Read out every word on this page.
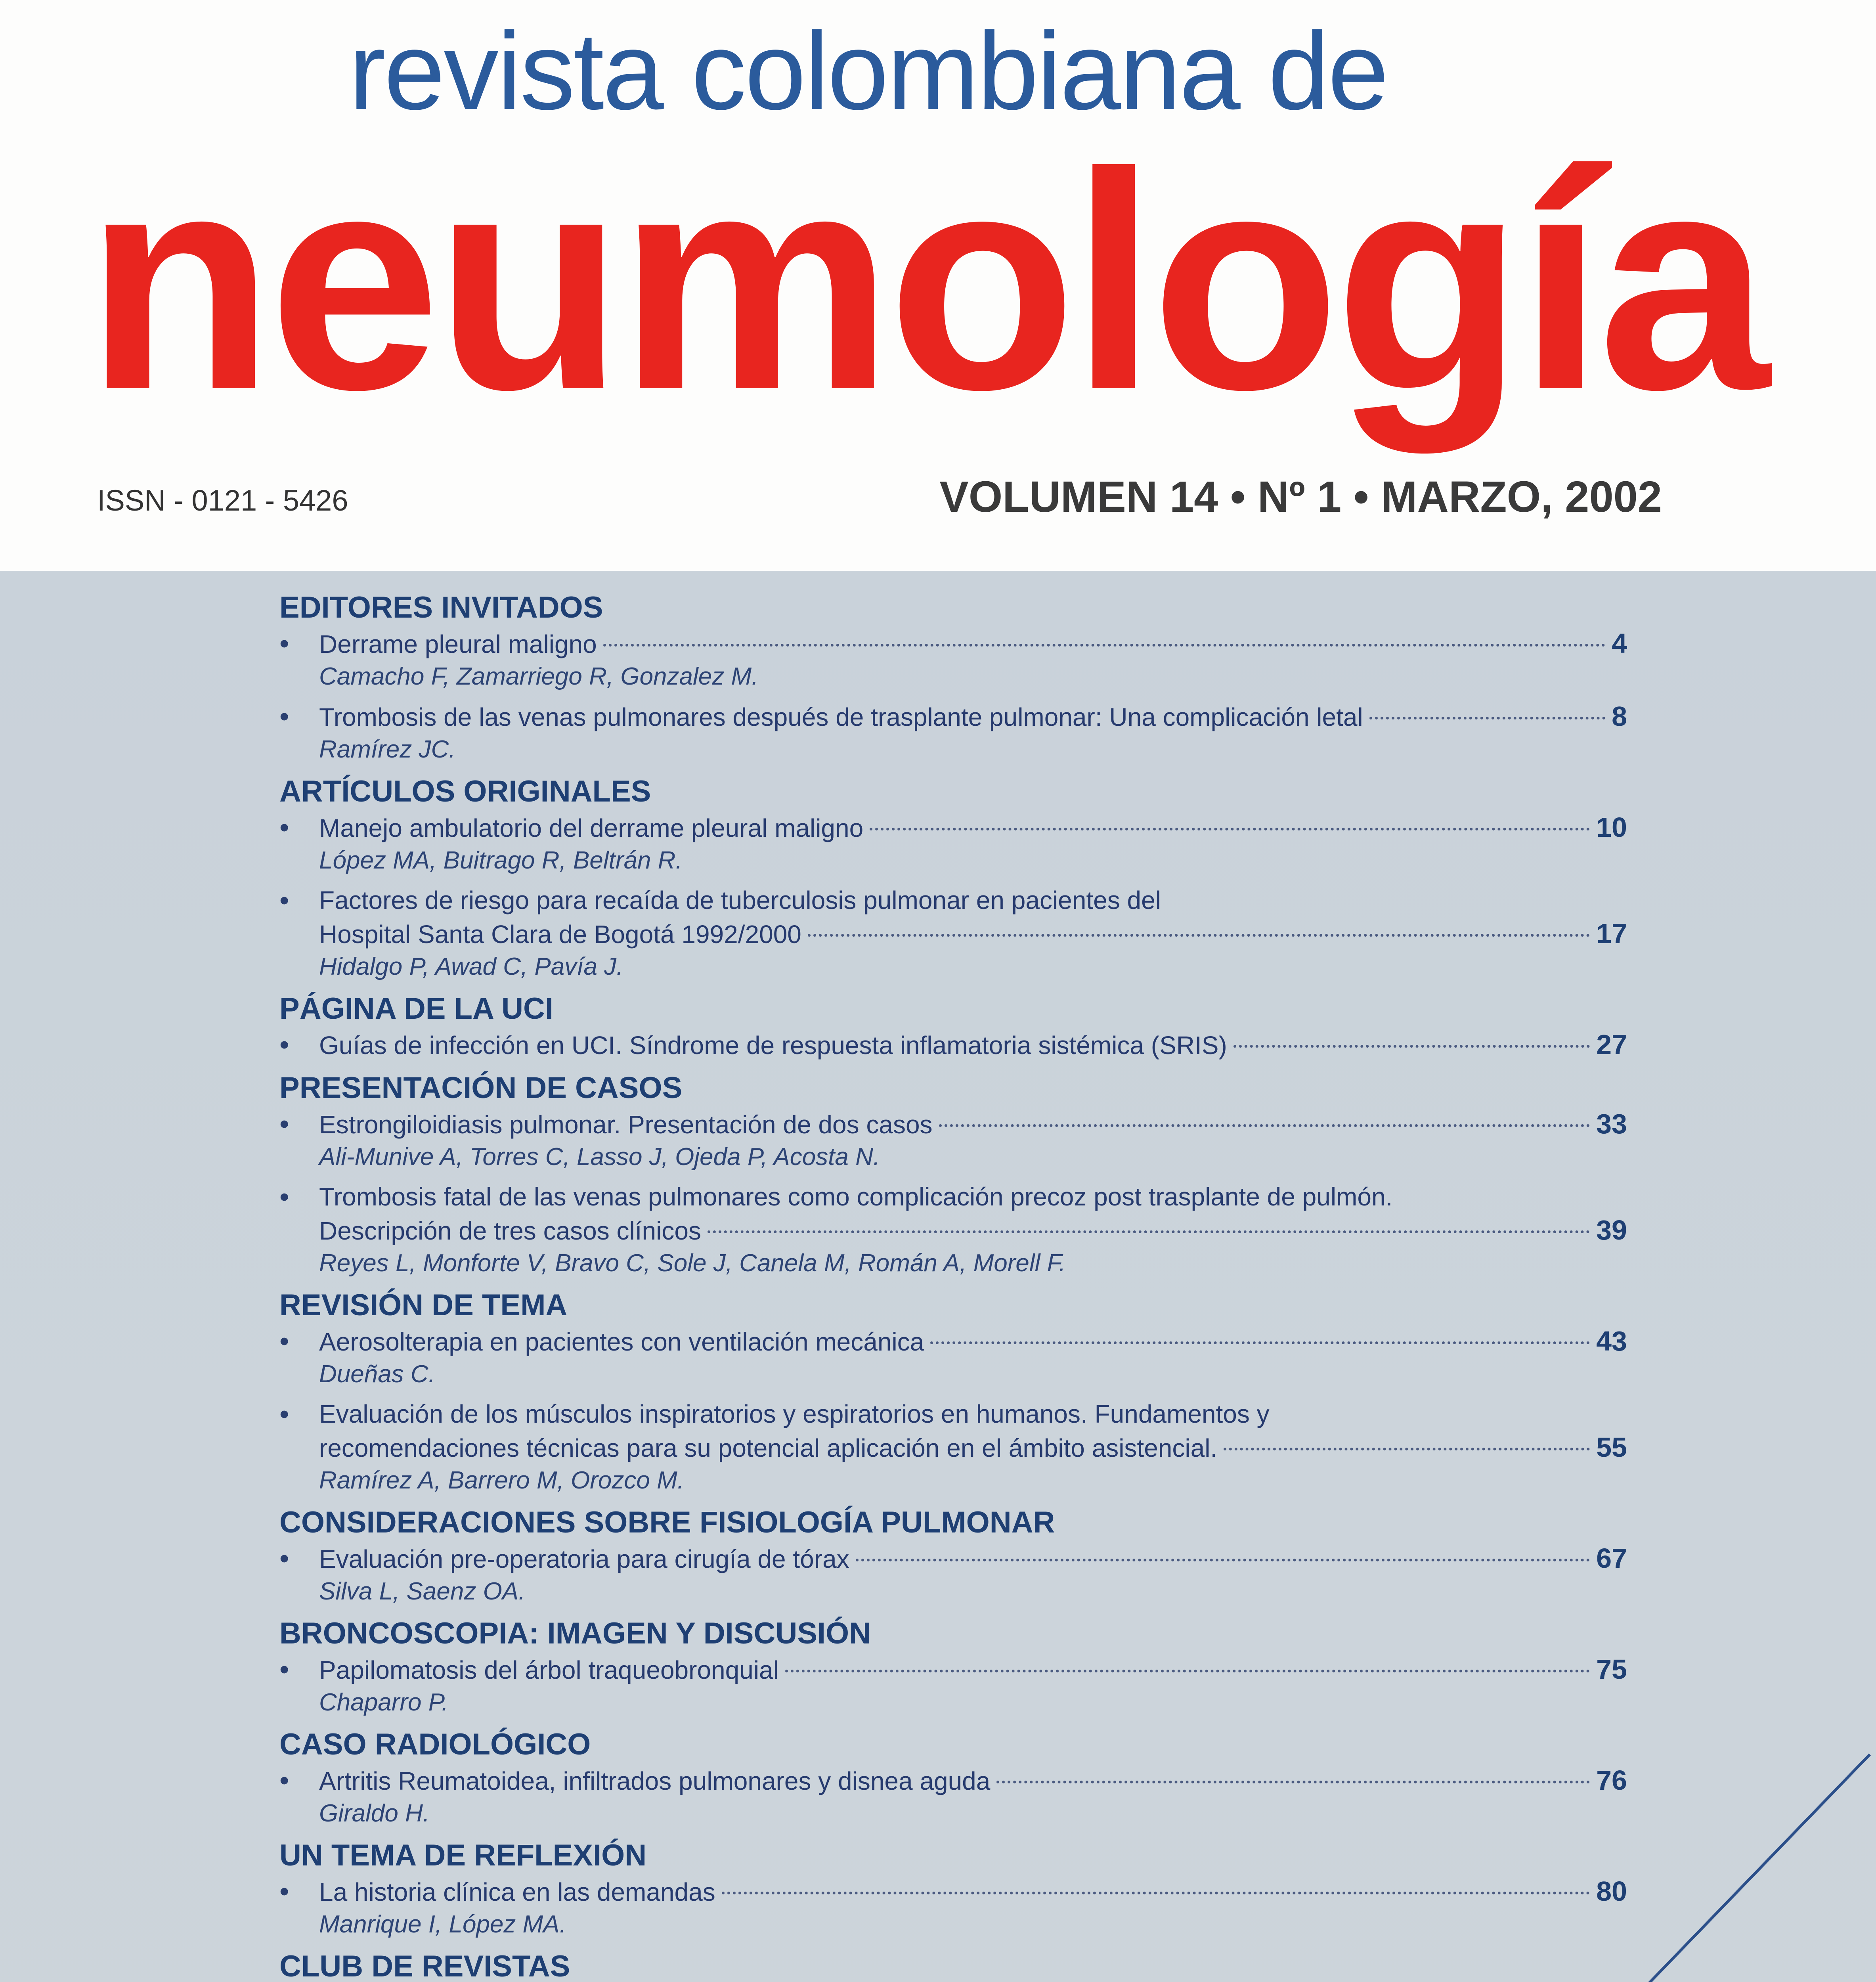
revista colombiana de
neumología
ISSN - 0121 - 5426	VOLUMEN 14 • Nº 1 • MARZO, 2002
EDITORES INVITADOS
• Derrame pleural maligno	4
Camacho F, Zamarriego R, Gonzalez M.
• Trombosis de las venas pulmonares después de trasplante pulmonar: Una complicación letal	8
Ramírez JC.
ARTÍCULOS ORIGINALES
• Manejo ambulatorio del derrame pleural maligno	10
López MA, Buitrago R, Beltrán R.
• Factores de riesgo para recaída de tuberculosis pulmonar en pacientes del
Hospital Santa Clara de Bogotá 1992/2000	17
Hidalgo P, Awad C, Pavía J.
PÁGINA DE LA UCI
• Guías de infección en UCI. Síndrome de respuesta inflamatoria sistémica (SRIS)	27
PRESENTACIÓN DE CASOS
• Estrongiloidiasis pulmonar. Presentación de dos casos	33
Ali-Munive A, Torres C, Lasso J, Ojeda P, Acosta N.
• Trombosis fatal de las venas pulmonares como complicación precoz post trasplante de pulmón.
Descripción de tres casos clínicos	39
Reyes L, Monforte V, Bravo C, Sole J, Canela M, Román A, Morell F.
REVISIÓN DE TEMA
• Aerosolterapia en pacientes con ventilación mecánica	43
Dueñas C.
• Evaluación de los músculos inspiratorios y espiratorios en humanos. Fundamentos y
recomendaciones técnicas para su potencial aplicación en el ámbito asistencial.	55
Ramírez A, Barrero M, Orozco M.
CONSIDERACIONES SOBRE FISIOLOGÍA PULMONAR
• Evaluación pre-operatoria para cirugía de tórax	67
Silva L, Saenz OA.
BRONCOSCOPIA: IMAGEN Y DISCUSIÓN
• Papilomatosis del árbol traqueobronquial	75
Chaparro P.
CASO RADIOLÓGICO
• Artritis Reumatoidea, infiltrados pulmonares y disnea aguda	76
Giraldo H.
UN TEMA DE REFLEXIÓN
• La historia clínica en las demandas	80
Manrique I, López MA.
CLUB DE REVISTAS
